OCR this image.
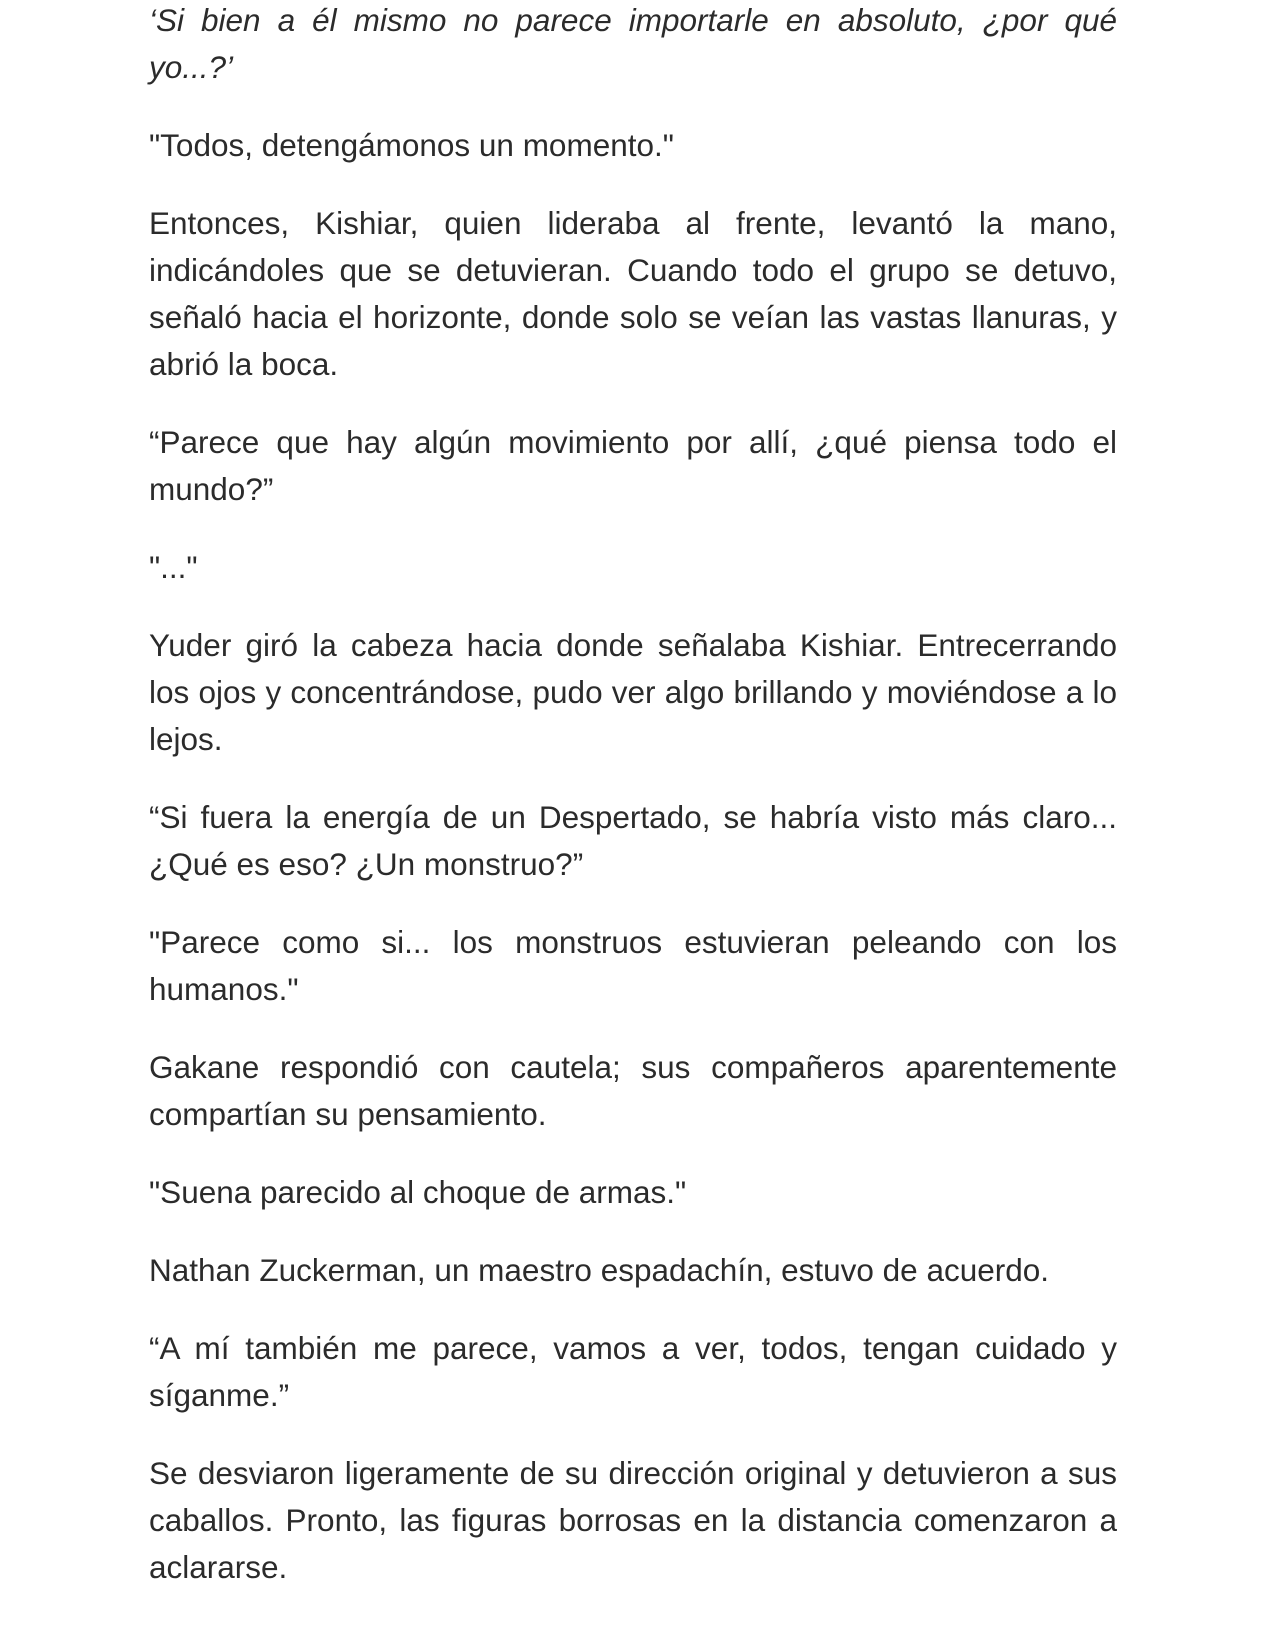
‘Si bien a él mismo no parece importarle en absoluto, ¿por qué yo...?’

"Todos, detengámonos un momento."

Entonces, Kishiar, quien lideraba al frente, levantó la mano, indicándoles que se detuvieran. Cuando todo el grupo se detuvo, señaló hacia el horizonte, donde solo se veían las vastas llanuras, y abrió la boca.

“Parece que hay algún movimiento por allí, ¿qué piensa todo el mundo?”

"..."

Yuder giró la cabeza hacia donde señalaba Kishiar. Entrecerrando los ojos y concentrándose, pudo ver algo brillando y moviéndose a lo lejos.

“Si fuera la energía de un Despertado, se habría visto más claro... ¿Qué es eso? ¿Un monstruo?”

"Parece como si... los monstruos estuvieran peleando con los humanos."

Gakane respondió con cautela; sus compañeros aparentemente compartían su pensamiento.

"Suena parecido al choque de armas."

Nathan Zuckerman, un maestro espadachín, estuvo de acuerdo.

“A mí también me parece, vamos a ver, todos, tengan cuidado y síganme.”

Se desviaron ligeramente de su dirección original y detuvieron a sus caballos. Pronto, las figuras borrosas en la distancia comenzaron a aclararse.
